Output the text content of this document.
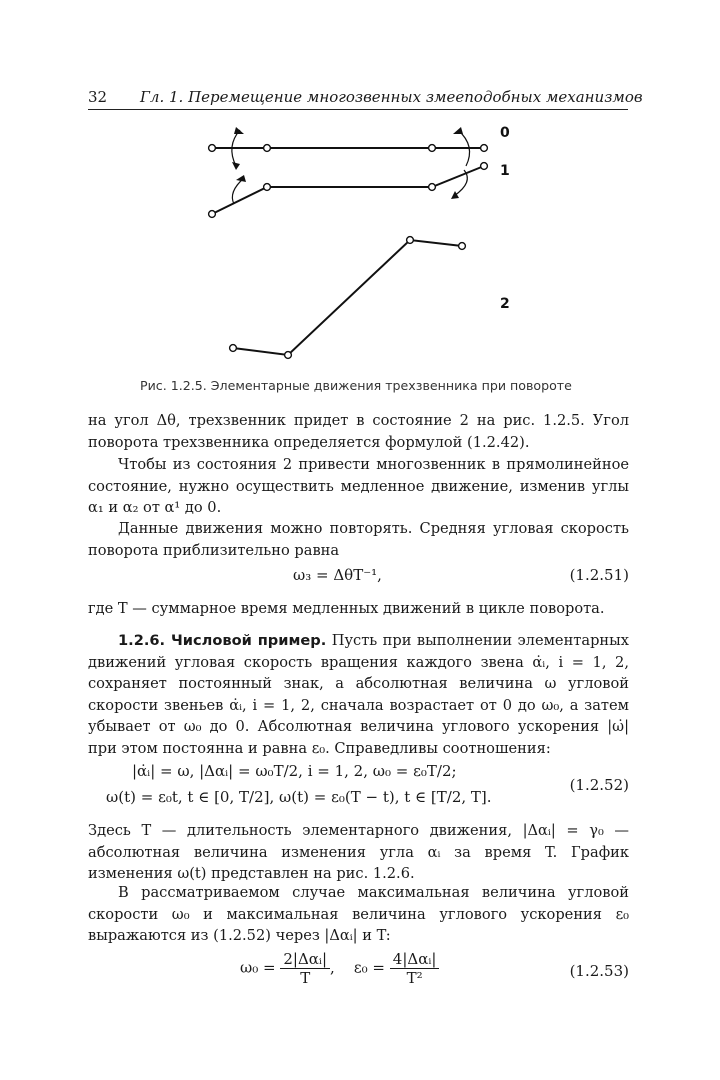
32 Гл. 1. Перемещение многозвенных змееподобных механизмов
0
1
2
Рис. 1.2.5. Элементарные движения трехзвенника при повороте

на угол Δθ, трехзвенник придет в состояние 2 на рис. 1.2.5. Угол поворота трехзвенника определяется формулой (1.2.42).

Чтобы из состояния 2 привести многозвенник в прямолинейное состояние, нужно осуществить медленное движение, изменив углы α₁ и α₂ от α¹ до 0.

Данные движения можно повторять. Средняя угловая скорость поворота приблизительно равна

ω₃ = ΔθT⁻¹,	(1.2.51)

где T — суммарное время медленных движений в цикле поворота.

1.2.6. Числовой пример. Пусть при выполнении элементарных движений угловая скорость вращения каждого звена α̇ᵢ, i = 1, 2, сохраняет постоянный знак, а абсолютная величина ω угловой скорости звеньев α̇ᵢ, i = 1, 2, сначала возрастает от 0 до ω₀, а затем убывает от ω₀ до 0. Абсолютная величина углового ускорения |ω̇| при этом постоянна и равна ε₀. Справедливы соотношения:

|α̇ᵢ| = ω, |Δαᵢ| = ω₀T/2, i = 1, 2, ω₀ = ε₀T/2;
ω(t) = ε₀t, t ∈ [0, T/2], ω(t) = ε₀(T − t), t ∈ [T/2, T].
(1.2.52)

Здесь T — длительность элементарного движения, |Δαᵢ| = γ₀ — абсолютная величина изменения угла αᵢ за время T. График изменения ω(t) представлен на рис. 1.2.6.

В рассматриваемом случае максимальная величина угловой скорости ω₀ и максимальная величина углового ускорения ε₀ выражаются из (1.2.52) через |Δαᵢ| и T:

$\omega_0 = \frac{\text{2|Δαᵢ|}}{T}$ , $\varepsilon_0 = \frac{\text{4|Δαᵢ|}}{\text{T²}}$	(1.2.53)
